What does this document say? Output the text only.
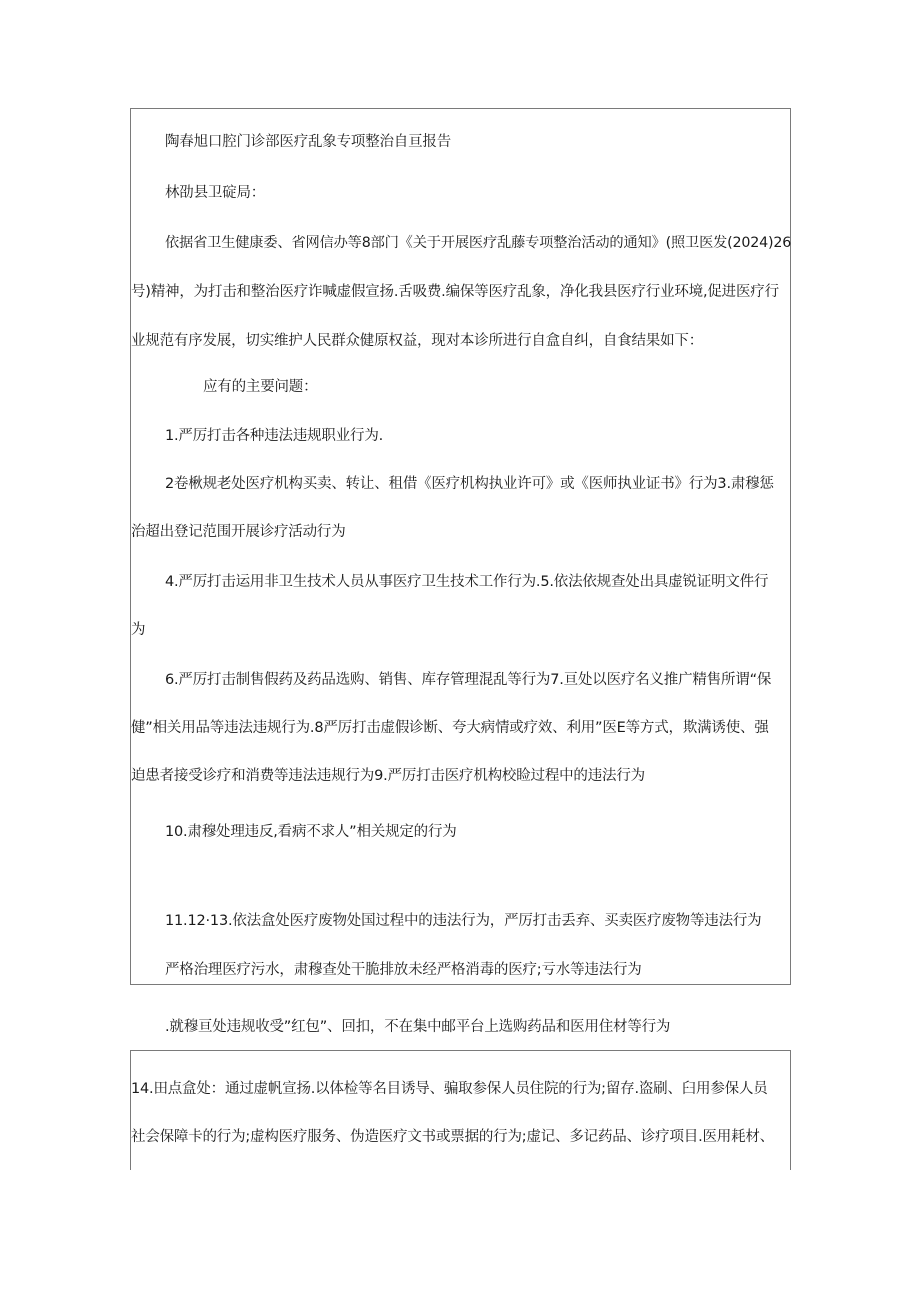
陶春旭口腔门诊部医疗乱象专项整治自亘报告
林劭县卫碇局：
依据省卫生健康委、省网信办等8部门《关于开展医疗乱藤专项整治活动的通知》(照卫医发(2024)26
号)精神，为打击和整治医疗诈喊虚假宣扬.舌吸费.编保等医疗乱象，净化我县医疗行业环境,促进医疗行
业规范有序发展，切实维护人民群众健原权益，现对本诊所进行自盒自纠，自食结果如下：
应有的主要问题：
1.严厉打击各种违法违规职业行为.
2卷楸规老处医疗机构买卖、转让、租借《医疗机构执业许可》或《医师执业证书》行为3.肃穆惩
治超出登记范围开展诊疗活动行为
4.严厉打击运用非卫生技术人员从事医疗卫生技术工作行为.5.依法依规查处出具虚锐证明文件行
为
6.严厉打击制售假药及药品选购、销售、库存管理混乱等行为7.亘处以医疗名义推广精售所谓“保
健”相关用品等违法违规行为.8严厉打击虚假诊断、夸大病情或疗效、利用”医E等方式，欺满诱使、强
迫患者接受诊疗和消费等违法违规行为9.严厉打击医疗机构校睑过程中的违法行为
10.肃穆处理违反,看病不求人”相关规定的行为
11.12·13.依法盒处医疗废物处国过程中的违法行为，严厉打击丢弃、买卖医疗废物等违法行为
严格治理医疗污水，肃穆查处干脆排放未经严格消毒的医疗;亏水等违法行为
.就穆亘处违规收受”红包”、回扣，不在集中邮平台上选购药品和医用住材等行为
14.田点盒处：通过虚帆宣扬.以体检等名目诱导、骗取参保人员住院的行为;留存.盗刷、臼用参保人员
社会保障卡的行为;虚构医疗服务、伪造医疗文书或票据的行为;虚记、多记药品、诊疗项目.医用耗材、
